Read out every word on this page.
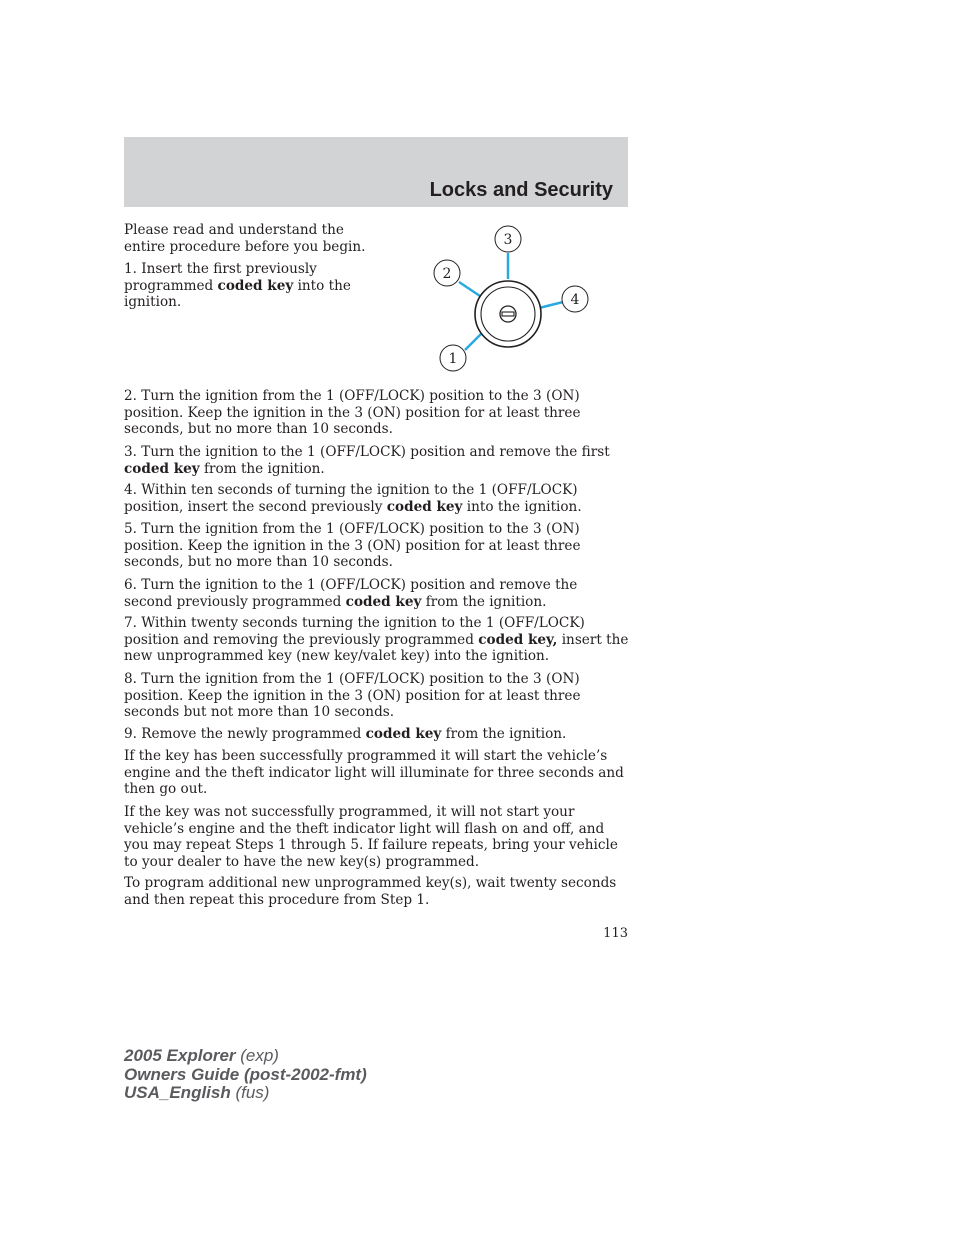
Locks and Security

Please read and understand the entire procedure before you begin.

1. Insert the first previously programmed coded key into the ignition.

3
2
4
1

2. Turn the ignition from the 1 (OFF/LOCK) position to the 3 (ON) position. Keep the ignition in the 3 (ON) position for at least three seconds, but no more than 10 seconds.

3. Turn the ignition to the 1 (OFF/LOCK) position and remove the first coded key from the ignition.

4. Within ten seconds of turning the ignition to the 1 (OFF/LOCK) position, insert the second previously coded key into the ignition.

5. Turn the ignition from the 1 (OFF/LOCK) position to the 3 (ON) position. Keep the ignition in the 3 (ON) position for at least three seconds, but no more than 10 seconds.

6. Turn the ignition to the 1 (OFF/LOCK) position and remove the second previously programmed coded key from the ignition.

7. Within twenty seconds turning the ignition to the 1 (OFF/LOCK) position and removing the previously programmed coded key, insert the new unprogrammed key (new key/valet key) into the ignition.

8. Turn the ignition from the 1 (OFF/LOCK) position to the 3 (ON) position. Keep the ignition in the 3 (ON) position for at least three seconds but not more than 10 seconds.

9. Remove the newly programmed coded key from the ignition.

If the key has been successfully programmed it will start the vehicle’s engine and the theft indicator light will illuminate for three seconds and then go out.

If the key was not successfully programmed, it will not start your vehicle’s engine and the theft indicator light will flash on and off, and you may repeat Steps 1 through 5. If failure repeats, bring your vehicle to your dealer to have the new key(s) programmed.

To program additional new unprogrammed key(s), wait twenty seconds and then repeat this procedure from Step 1.

113

2005 Explorer (exp)
Owners Guide (post-2002-fmt)
USA_English (fus)
